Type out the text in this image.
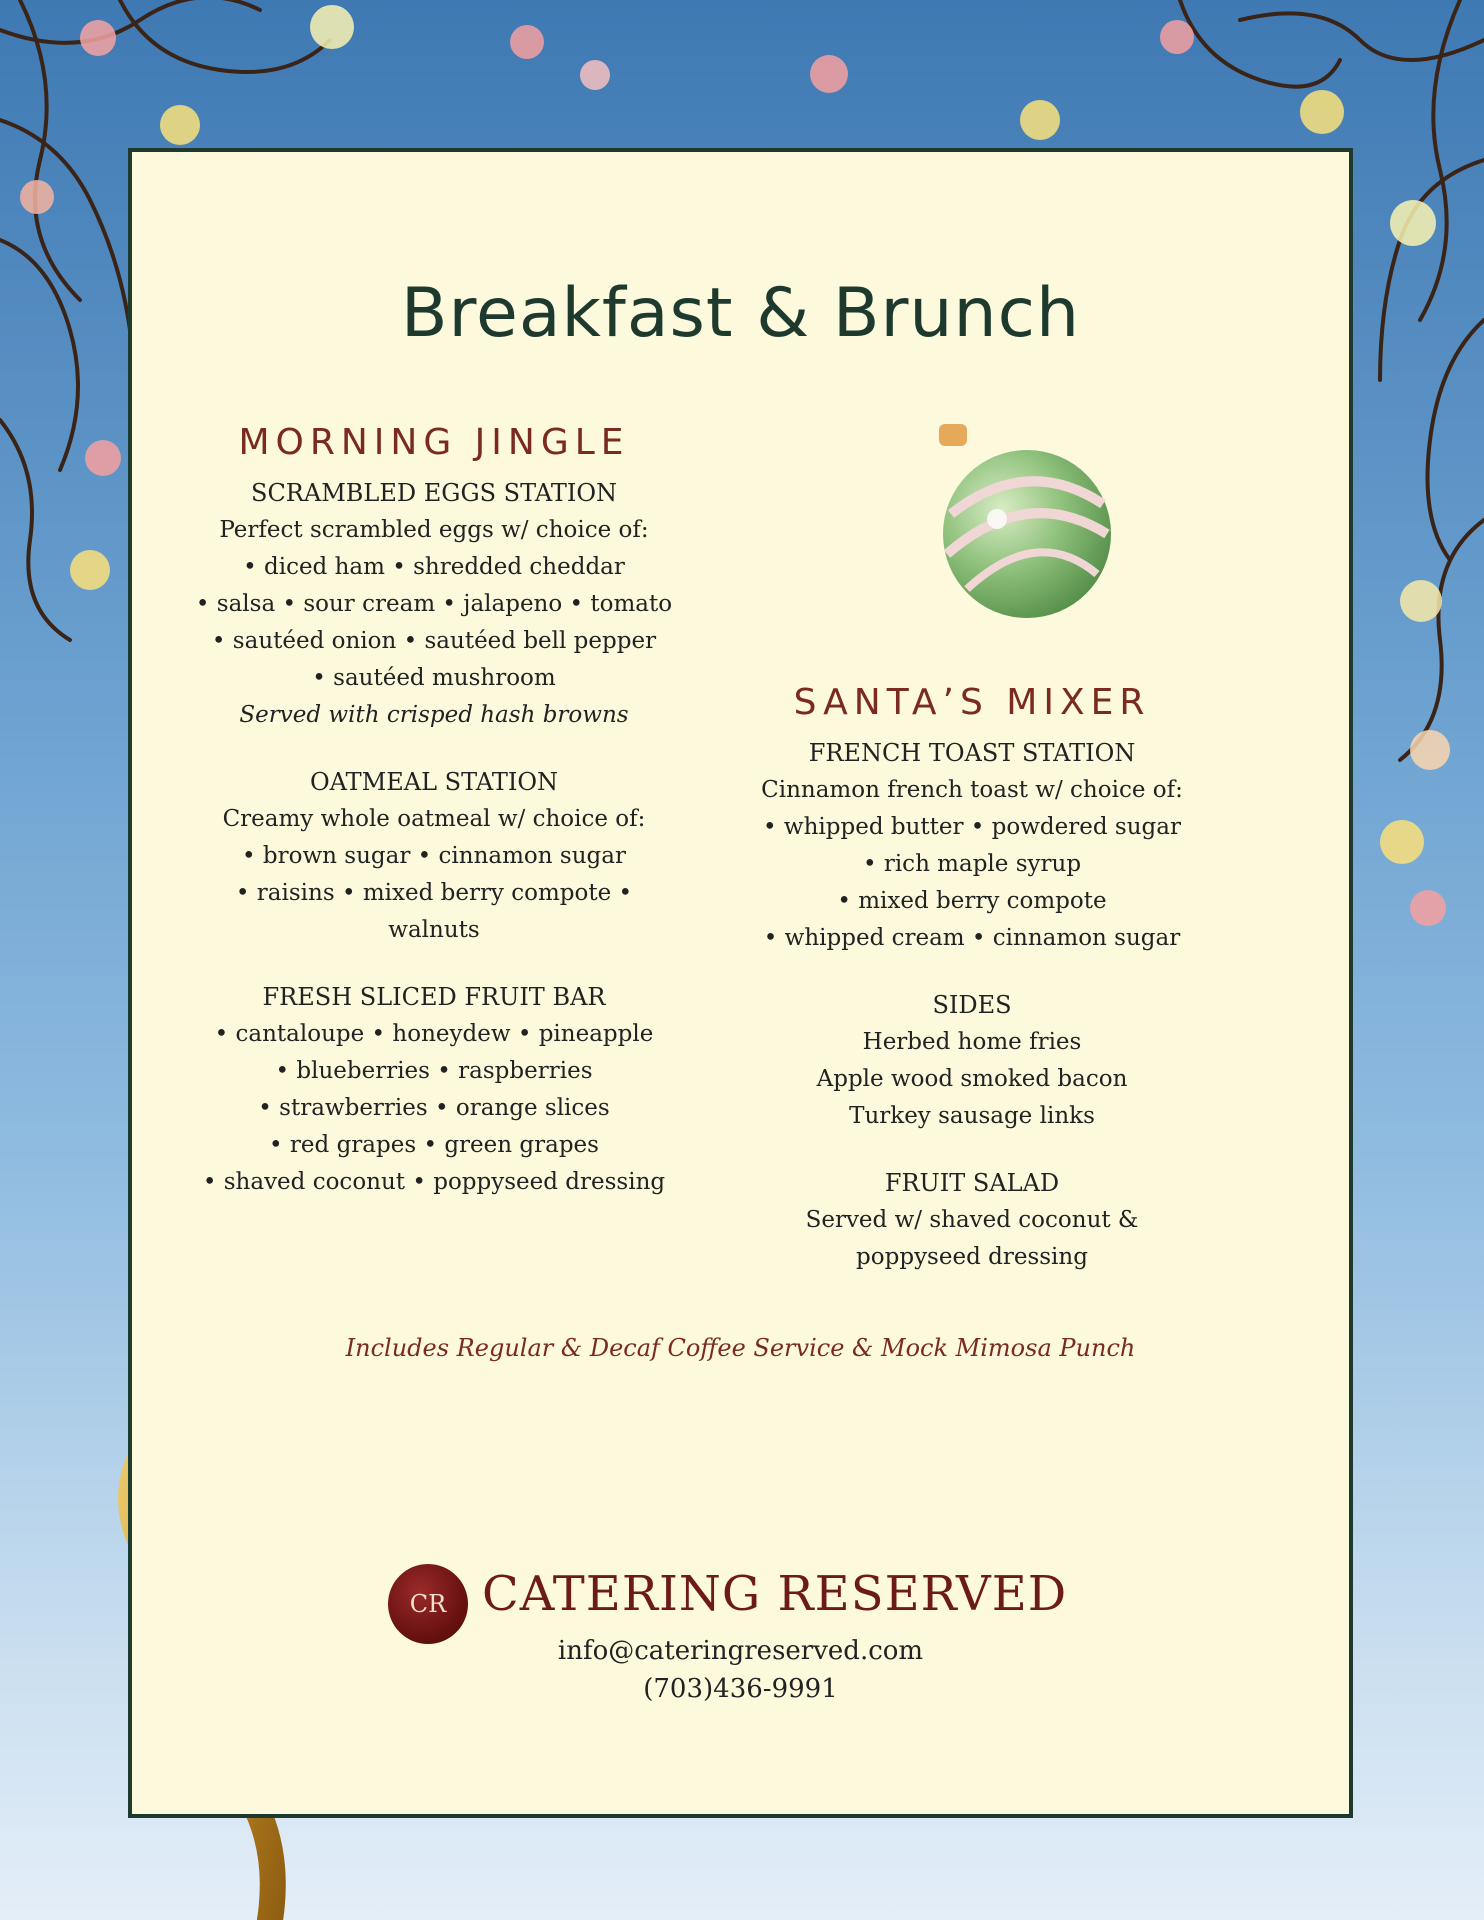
Breakfast & Brunch
MORNING JINGLE
SCRAMBLED EGGS STATION
Perfect scrambled eggs w/ choice of:
• diced ham • shredded cheddar
• salsa • sour cream • jalapeno • tomato
• sautéed onion • sautéed bell pepper
• sautéed mushroom
Served with crisped hash browns
OATMEAL STATION
Creamy whole oatmeal w/ choice of:
• brown sugar • cinnamon sugar
• raisins • mixed berry compote • walnuts
FRESH SLICED FRUIT BAR
• cantaloupe • honeydew • pineapple
• blueberries • raspberries
• strawberries • orange slices
• red grapes • green grapes
• shaved coconut • poppyseed dressing
SANTA’S MIXER
FRENCH TOAST STATION
Cinnamon french toast w/ choice of:
• whipped butter • powdered sugar
• rich maple syrup
• mixed berry compote
• whipped cream • cinnamon sugar
SIDES
Herbed home fries
Apple wood smoked bacon
Turkey sausage links
FRUIT SALAD
Served w/ shaved coconut &
poppyseed dressing
Includes Regular & Decaf Coffee Service & Mock Mimosa Punch
CR CATERING RESERVED
info@cateringreserved.com
(703)436-9991
